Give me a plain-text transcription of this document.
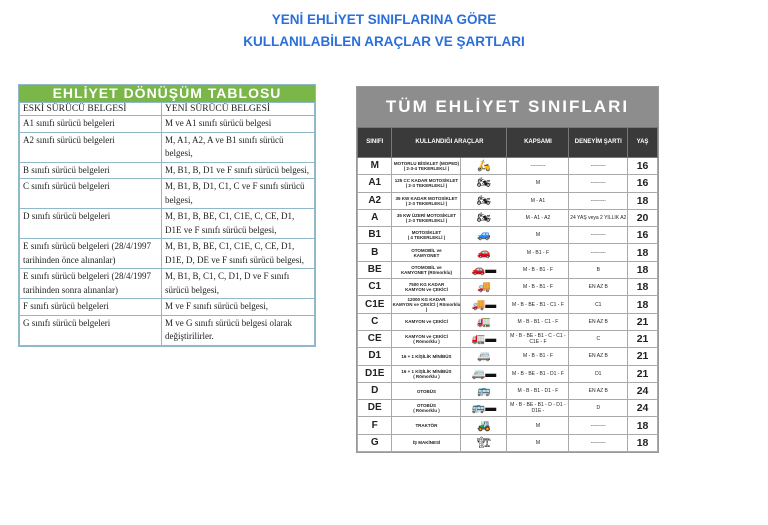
YENİ EHLİYET SINIFLARINA GÖRE
KULLANILABİLEN ARAÇLAR VE ŞARTLARI
EHLİYET DÖNÜŞÜM TABLOSU
ESKİ SÜRÜCÜ BELGESİ	YENİ SÜRÜCÜ BELGESİ
A1 sınıfı sürücü belgeleri	M ve A1 sınıfı sürücü belgesi
A2 sınıfı sürücü belgeleri	M, A1, A2, A ve B1 sınıfı sürücü belgesi,
B sınıfı sürücü belgeleri	M, B1, B, D1 ve F sınıfı sürücü belgesi,
C sınıfı sürücü belgeleri	M, B1, B, D1, C1, C ve F sınıfı sürücü belgesi,
D sınıfı sürücü belgeleri	M, B1, B, BE, C1, C1E, C, CE, D1, D1E ve F sınıfı sürücü belgesi,
E sınıfı sürücü belgeleri (28/4/1997 tarihinden önce alınanlar)	M, B1, B, BE, C1, C1E, C, CE, D1, D1E, D, DE ve F sınıfı sürücü belgesi,
E sınıfı sürücü belgeleri (28/4/1997 tarihinden sonra alınanlar)	M, B1, B, C1, C, D1, D ve F sınıfı sürücü belgesi,
F sınıfı sürücü belgeleri	M ve F sınıfı sürücü belgesi,
G sınıfı sürücü belgeleri	M ve G sınıfı sürücü belgesi olarak değiştirilirler.
TÜM EHLİYET SINIFLARI
SINIFI	KULLANDIĞI ARAÇLAR		KAPSAMI	DENEYİM ŞARTI	YAŞ
M	MOTORLU BİSİKLET (MOPED)
( 2-3-4 TEKERLEKLİ )	🛵	---------	---------	16
A1	125 CC KADAR MOTOSİKLET
( 2-3 TEKERLEKLİ )	🏍	M	---------	16
A2	35 KW KADAR MOTOSİKLET
( 2-3 TEKERLEKLİ )	🏍	M - A1	---------	18
A	35 KW ÜZERİ MOTOSİKLET
( 2-3 TEKERLEKLİ )	🏍	M - A1 - A2	24 YAŞ veya 2 YILLIK A2	20
B1	MOTOSİKLET
( 4 TEKERLEKLİ )	🚙	M	---------	16
B	OTOMOBİL ve
KAMYONET	🚗	M - B1 - F	---------	18
BE	OTOMOBİL ve
KAMYONET (Römorklu)	🚗▬	M - B - B1 - F	B	18
C1	7500 KG KADAR
KAMYON ve ÇEKİCİ	🚚	M - B - B1 - F	EN AZ B	18
C1E	12000 KG KADAR
KAMYON ve ÇEKİCİ ( Römorklu )	🚚▬	M - B - BE - B1 - C1 - F	C1	18
C	KAMYON ve ÇEKİCİ	🚛	M - B - B1 - C1 - F	EN AZ B	21
CE	KAMYON ve ÇEKİCİ
( Römorklu )	🚛▬	M - B - BE - B1 - C - C1 - C1E - F	C	21
D1	16 + 1 KİŞİLİK MİNİBÜS	🚐	M - B - B1 - F	EN AZ B	21
D1E	16 + 1 KİŞİLİK MİNİBÜS
( Römorklu )	🚐▬	M - B - BE - B1 - D1 - F	D1	21
D	OTOBÜS	🚌	M - B - B1 - D1 - F	EN AZ B	24
DE	OTOBÜS
( Römorklu )	🚌▬	M - B - BE - B1 - D - D1 - D1E -	D	24
F	TRAKTÖR	🚜	M	---------	18
G	İŞ MAKİNESİ	🏗	M	---------	18
